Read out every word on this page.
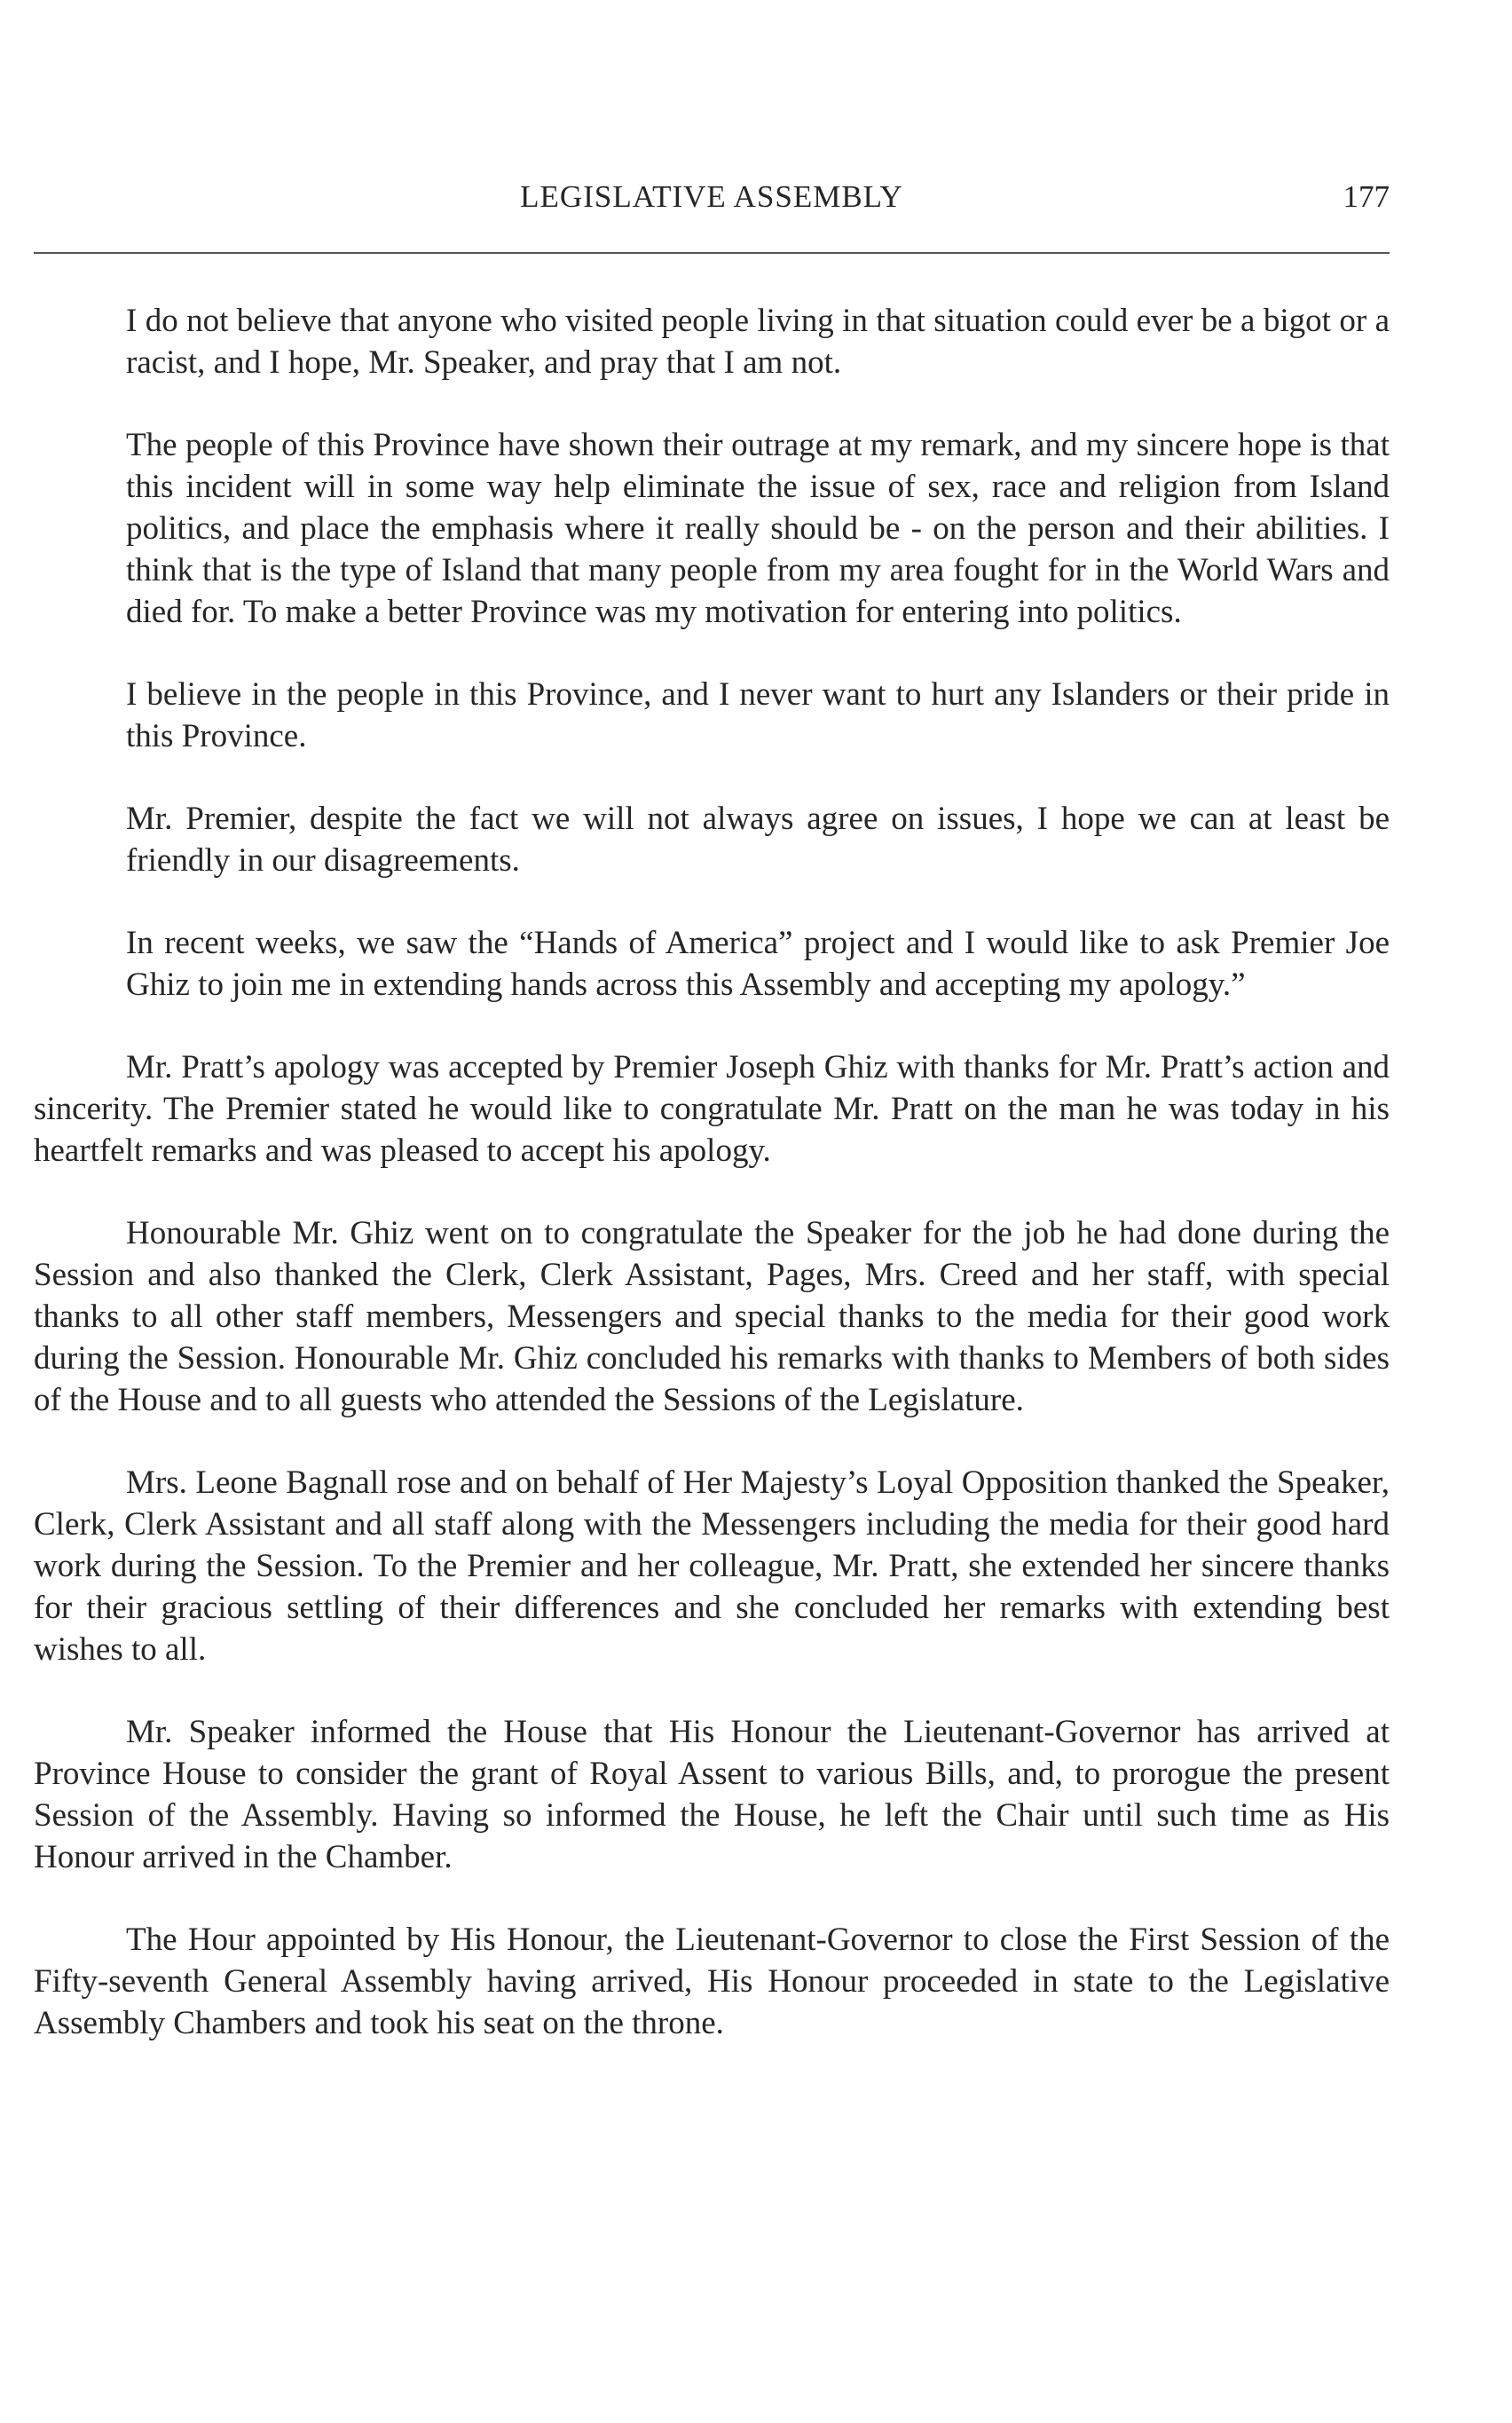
LEGISLATIVE ASSEMBLY	177

I do not believe that anyone who visited people living in that situation could ever be a bigot or a racist, and I hope, Mr. Speaker, and pray that I am not.

The people of this Province have shown their outrage at my remark, and my sincere hope is that this incident will in some way help eliminate the issue of sex, race and religion from Island politics, and place the emphasis where it really should be - on the person and their abilities. I think that is the type of Island that many people from my area fought for in the World Wars and died for. To make a better Province was my motivation for entering into politics.

I believe in the people in this Province, and I never want to hurt any Islanders or their pride in this Province.

Mr. Premier, despite the fact we will not always agree on issues, I hope we can at least be friendly in our disagreements.

In recent weeks, we saw the “Hands of America” project and I would like to ask Premier Joe Ghiz to join me in extending hands across this Assembly and accepting my apology.”

Mr. Pratt’s apology was accepted by Premier Joseph Ghiz with thanks for Mr. Pratt’s action and sincerity. The Premier stated he would like to congratulate Mr. Pratt on the man he was today in his heartfelt remarks and was pleased to accept his apology.

Honourable Mr. Ghiz went on to congratulate the Speaker for the job he had done during the Session and also thanked the Clerk, Clerk Assistant, Pages, Mrs. Creed and her staff, with special thanks to all other staff members, Messengers and special thanks to the media for their good work during the Session. Honourable Mr. Ghiz concluded his remarks with thanks to Members of both sides of the House and to all guests who attended the Sessions of the Legislature.

Mrs. Leone Bagnall rose and on behalf of Her Majesty’s Loyal Opposition thanked the Speaker, Clerk, Clerk Assistant and all staff along with the Messengers including the media for their good hard work during the Session. To the Premier and her colleague, Mr. Pratt, she extended her sincere thanks for their gracious settling of their differences and she concluded her remarks with extending best wishes to all.

Mr. Speaker informed the House that His Honour the Lieutenant-Governor has arrived at Province House to consider the grant of Royal Assent to various Bills, and, to prorogue the present Session of the Assembly. Having so informed the House, he left the Chair until such time as His Honour arrived in the Chamber.

The Hour appointed by His Honour, the Lieutenant-Governor to close the First Session of the Fifty-seventh General Assembly having arrived, His Honour proceeded in state to the Legislative Assembly Chambers and took his seat on the throne.
